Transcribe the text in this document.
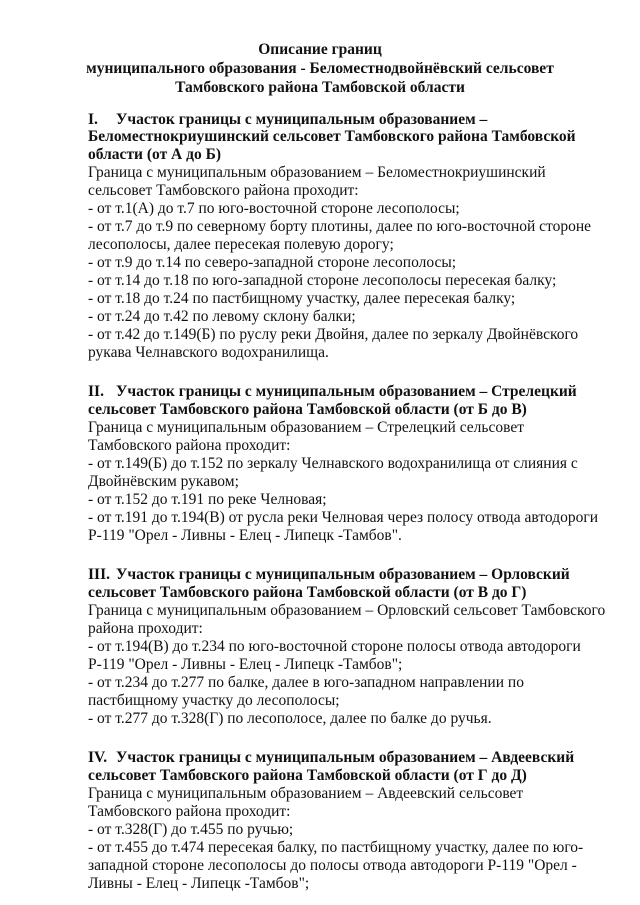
Описание границ
муниципального образования - Беломестнодвойнёвский сельсовет
Тамбовского района Тамбовской области
I. Участок границы с муниципальным образованием –
Беломестнокриушинский сельсовет Тамбовского района Тамбовской
области (от А до Б)
Граница с муниципальным образованием – Беломестнокриушинский
сельсовет Тамбовского района проходит:
- от т.1(А) до т.7 по юго-восточной стороне лесополосы;
- от т.7 до т.9 по северному борту плотины, далее по юго-восточной стороне
лесополосы, далее пересекая полевую дорогу;
- от т.9 до т.14 по северо-западной стороне лесополосы;
- от т.14 до т.18 по юго-западной стороне лесополосы пересекая балку;
- от т.18 до т.24 по пастбищному участку, далее пересекая балку;
- от т.24 до т.42 по левому склону балки;
- от т.42 до т.149(Б) по руслу реки Двойня, далее по зеркалу Двойнёвского
рукава Челнавского водохранилища.
II. Участок границы с муниципальным образованием – Стрелецкий
сельсовет Тамбовского района Тамбовской области (от Б до В)
Граница с муниципальным образованием – Стрелецкий сельсовет
Тамбовского района проходит:
- от т.149(Б) до т.152 по зеркалу Челнавского водохранилища от слияния с
Двойнёвским рукавом;
- от т.152 до т.191 по реке Челновая;
- от т.191 до т.194(В) от русла реки Челновая через полосу отвода автодороги
Р-119 "Орел - Ливны - Елец - Липецк -Тамбов".
III. Участок границы с муниципальным образованием – Орловский
сельсовет Тамбовского района Тамбовской области (от В до Г)
Граница с муниципальным образованием – Орловский сельсовет Тамбовского
района проходит:
- от т.194(В) до т.234 по юго-восточной стороне полосы отвода автодороги
Р-119 "Орел - Ливны - Елец - Липецк -Тамбов";
- от т.234 до т.277 по балке, далее в юго-западном направлении по
пастбищному участку до лесополосы;
- от т.277 до т.328(Г) по лесополосе, далее по балке до ручья.
IV. Участок границы с муниципальным образованием – Авдеевский
сельсовет Тамбовского района Тамбовской области (от Г до Д)
Граница с муниципальным образованием – Авдеевский сельсовет
Тамбовского района проходит:
- от т.328(Г) до т.455 по ручью;
- от т.455 до т.474 пересекая балку, по пастбищному участку, далее по юго-
западной стороне лесополосы до полосы отвода автодороги Р-119 "Орел -
Ливны - Елец - Липецк -Тамбов";
